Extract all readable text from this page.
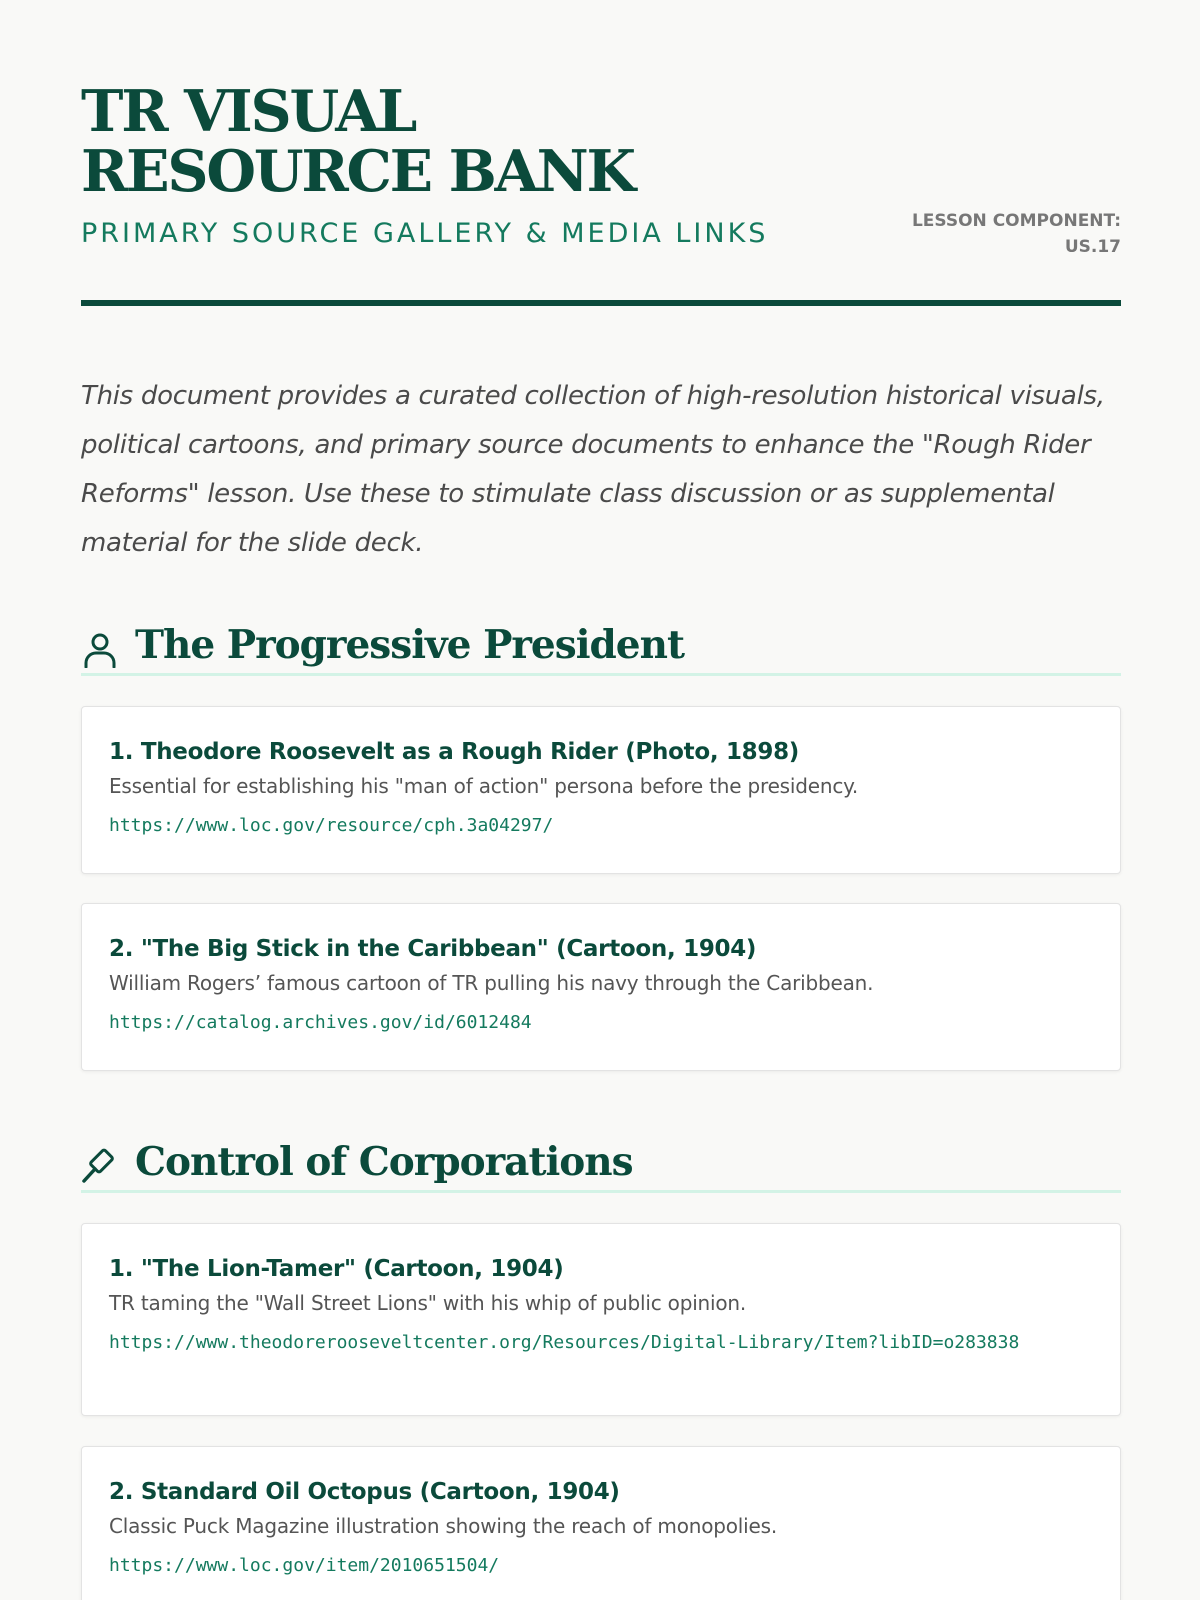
TR VISUAL RESOURCE BANK
PRIMARY SOURCE GALLERY & MEDIA LINKS	LESSON COMPONENT: US.17

This document provides a curated collection of high-resolution historical visuals, political cartoons, and primary source documents to enhance the "Rough Rider Reforms" lesson. Use these to stimulate class discussion or as supplemental material for the slide deck.

The Progressive President
1. Theodore Roosevelt as a Rough Rider (Photo, 1898)
Essential for establishing his "man of action" persona before the presidency.
https://www.loc.gov/resource/cph.3a04297/
2. "The Big Stick in the Caribbean" (Cartoon, 1904)
William Rogers’ famous cartoon of TR pulling his navy through the Caribbean.
https://catalog.archives.gov/id/6012484
Control of Corporations
1. "The Lion-Tamer" (Cartoon, 1904)
TR taming the "Wall Street Lions" with his whip of public opinion.
https://www.theodorerooseveltcenter.org/Resources/Digital-Library/Item?libID=o283838
2. Standard Oil Octopus (Cartoon, 1904)
Classic Puck Magazine illustration showing the reach of monopolies.
https://www.loc.gov/item/2010651504/
